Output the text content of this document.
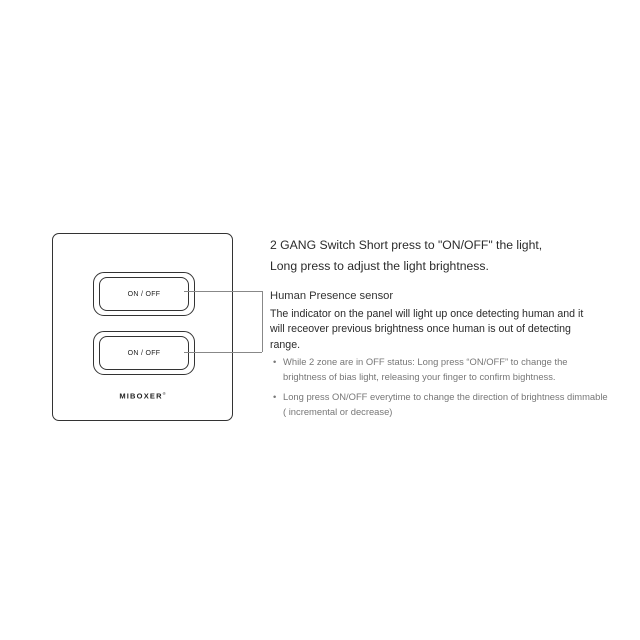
ON / OFF
ON / OFF
MIBOXER®
2 GANG Switch Short press to "ON/OFF" the light,
Long press to adjust the light brightness.
Human Presence sensor
The indicator on the panel will light up once detecting human and it will receover previous brightness once human is out of detecting range.
• While 2 zone are in OFF status: Long press “ON/OFF” to change the brightness of bias light, releasing your finger to confirm bightness.
• Long press ON/OFF everytime to change the direction of brightness dimmable ( incremental or decrease)
